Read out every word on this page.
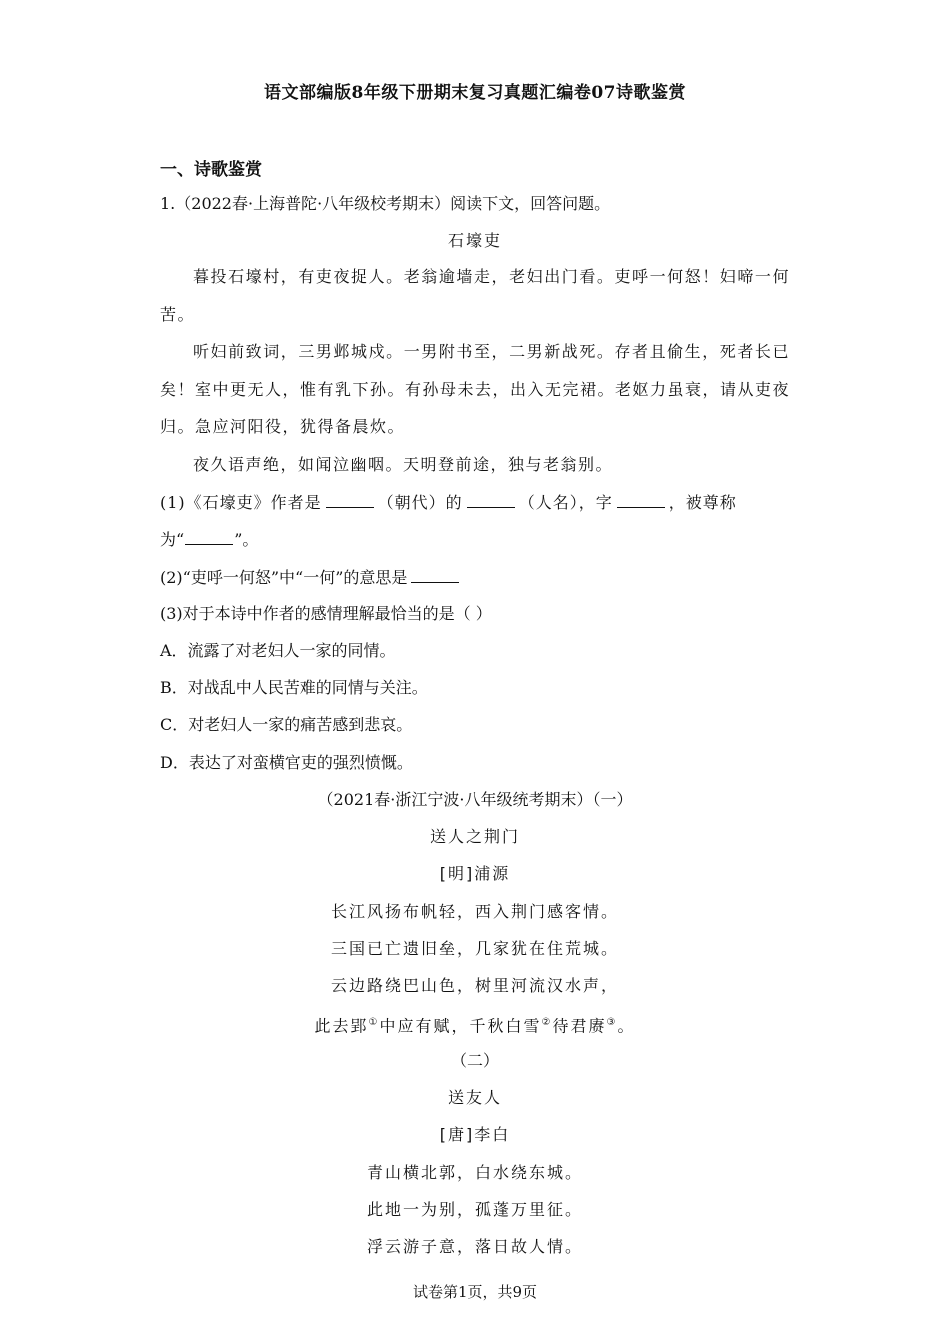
语文部编版8年级下册期末复习真题汇编卷07诗歌鉴赏
一、诗歌鉴赏
1.（2022春·上海普陀·八年级校考期末）阅读下文，回答问题。
石壕吏
暮投石壕村，有吏夜捉人。老翁逾墙走，老妇出门看。吏呼一何怒！妇啼一何苦。
听妇前致词，三男邺城戍。一男附书至，二男新战死。存者且偷生，死者长已矣！室中更无人，惟有乳下孙。有孙母未去，出入无完裙。老妪力虽衰，请从吏夜归。急应河阳役，犹得备晨炊。
夜久语声绝，如闻泣幽咽。天明登前途，独与老翁别。
(1)《石壕吏》作者是	（朝代）的	（人名），字	，被尊称
为“	”。
(2)“吏呼一何怒”中“一何”的意思是
(3)对于本诗中作者的感情理解最恰当的是（ ）
A．流露了对老妇人一家的同情。
B．对战乱中人民苦难的同情与关注。
C．对老妇人一家的痛苦感到悲哀。
D．表达了对蛮横官吏的强烈愤慨。
（2021春·浙江宁波·八年级统考期末）（一）
送人之荆门
[明]浦源
长江风扬布帆轻，西入荆门感客情。
三国已亡遗旧垒，几家犹在住荒城。
云边路绕巴山色，树里河流汉水声，
此去郢①中应有赋，千秋白雪②待君赓③。
（二）
送友人
[唐]李白
青山横北郭，白水绕东城。
此地一为别，孤蓬万里征。
浮云游子意，落日故人情。
试卷第1页，共9页
